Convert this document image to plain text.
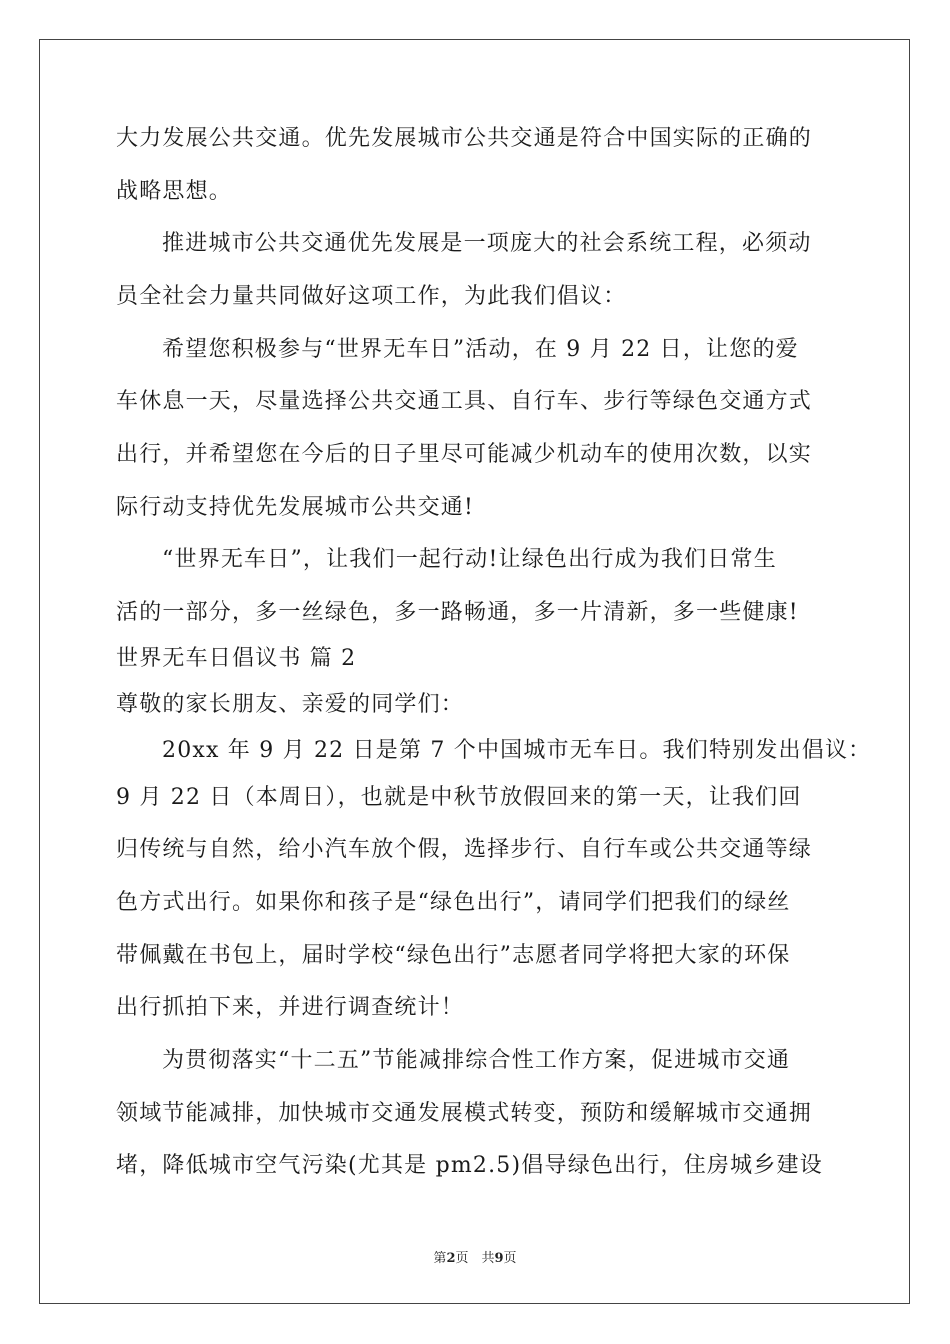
大力发展公共交通。优先发展城市公共交通是符合中国实际的正确的
战略思想。
推进城市公共交通优先发展是一项庞大的社会系统工程，必须动
员全社会力量共同做好这项工作，为此我们倡议：
希望您积极参与“世界无车日”活动，在 9 月 22 日，让您的爱
车休息一天，尽量选择公共交通工具、自行车、步行等绿色交通方式
出行，并希望您在今后的日子里尽可能减少机动车的使用次数，以实
际行动支持优先发展城市公共交通!
“世界无车日”，让我们一起行动!让绿色出行成为我们日常生
活的一部分，多一丝绿色，多一路畅通，多一片清新，多一些健康!
世界无车日倡议书 篇 2
尊敬的家长朋友、亲爱的同学们：
20xx 年 9 月 22 日是第 7 个中国城市无车日。我们特别发出倡议：
9 月 22 日（本周日），也就是中秋节放假回来的第一天，让我们回
归传统与自然，给小汽车放个假，选择步行、自行车或公共交通等绿
色方式出行。如果你和孩子是“绿色出行”，请同学们把我们的绿丝
带佩戴在书包上，届时学校“绿色出行”志愿者同学将把大家的环保
出行抓拍下来，并进行调查统计！
为贯彻落实“十二五”节能减排综合性工作方案，促进城市交通
领域节能减排，加快城市交通发展模式转变，预防和缓解城市交通拥
堵，降低城市空气污染(尤其是 pm2.5)倡导绿色出行，住房城乡建设
第2页　共9页
